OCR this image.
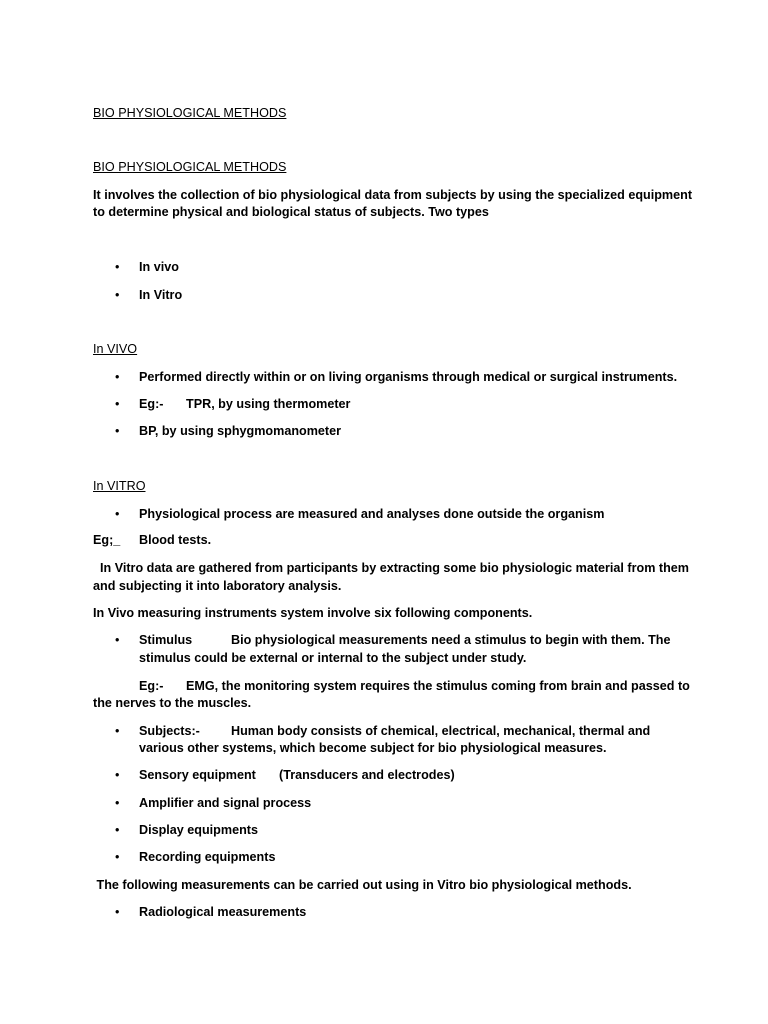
BIO PHYSIOLOGICAL METHODS
BIO PHYSIOLOGICAL METHODS
It involves the collection of bio physiological data from subjects by using the specialized equipment
to determine physical and biological status of subjects. Two types
• In vivo
• In Vitro
In VIVO
• Performed directly within or on living organisms through medical or surgical instruments.
• Eg:- TPR, by using thermometer
• BP, by using sphygmomanometer
In VITRO
• Physiological process are measured and analyses done outside the organism
Eg;_ Blood tests.
In Vitro data are gathered from participants by extracting some bio physiologic material from them
and subjecting it into laboratory analysis.
In Vivo measuring instruments system involve six following components.
• Stimulus	Bio physiological measurements need a stimulus to begin with them. The
stimulus could be external or internal to the subject under study.
Eg:- EMG, the monitoring system requires the stimulus coming from brain and passed to
the nerves to the muscles.
• Subjects:- Human body consists of chemical, electrical, mechanical, thermal and
various other systems, which become subject for bio physiological measures.
• Sensory equipment (Transducers and electrodes)
• Amplifier and signal process
• Display equipments
• Recording equipments
The following measurements can be carried out using in Vitro bio physiological methods.
• Radiological measurements
